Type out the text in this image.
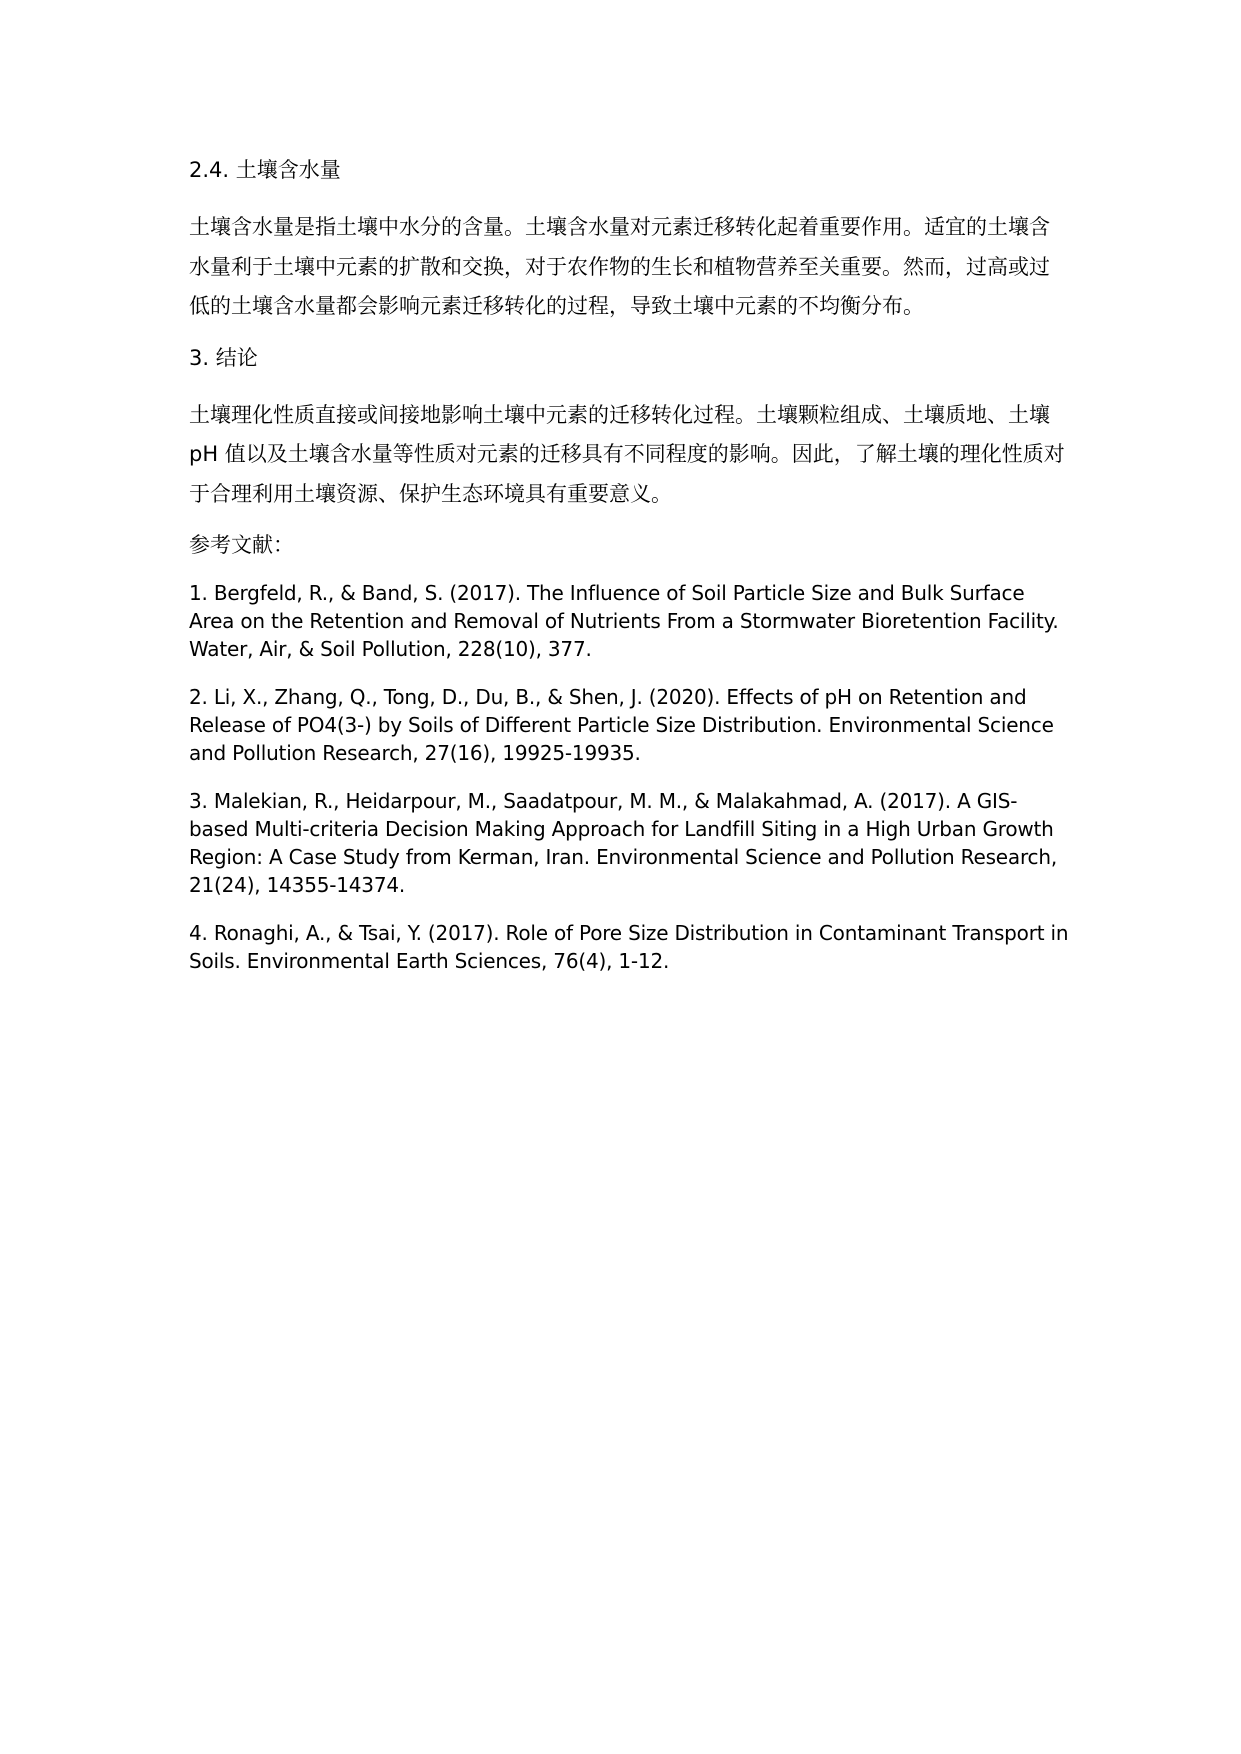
2.4. 土壤含水量

土壤含水量是指土壤中水分的含量。土壤含水量对元素迁移转化起着重要作用。适宜的土壤含水量利于土壤中元素的扩散和交换，对于农作物的生长和植物营养至关重要。然而，过高或过低的土壤含水量都会影响元素迁移转化的过程，导致土壤中元素的不均衡分布。

3. 结论

土壤理化性质直接或间接地影响土壤中元素的迁移转化过程。土壤颗粒组成、土壤质地、土壤 pH 值以及土壤含水量等性质对元素的迁移具有不同程度的影响。因此，了解土壤的理化性质对于合理利用土壤资源、保护生态环境具有重要意义。

参考文献：
1. Bergfeld, R., & Band, S. (2017). The Influence of Soil Particle Size and Bulk Surface Area on the Retention and Removal of Nutrients From a Stormwater Bioretention Facility. Water, Air, & Soil Pollution, 228(10), 377.
2. Li, X., Zhang, Q., Tong, D., Du, B., & Shen, J. (2020). Effects of pH on Retention and Release of PO4(3-) by Soils of Different Particle Size Distribution. Environmental Science and Pollution Research, 27(16), 19925-19935.
3. Malekian, R., Heidarpour, M., Saadatpour, M. M., & Malakahmad, A. (2017). A GIS-based Multi-criteria Decision Making Approach for Landfill Siting in a High Urban Growth Region: A Case Study from Kerman, Iran. Environmental Science and Pollution Research, 21(24), 14355-14374.
4. Ronaghi, A., & Tsai, Y. (2017). Role of Pore Size Distribution in Contaminant Transport in Soils. Environmental Earth Sciences, 76(4), 1-12.
